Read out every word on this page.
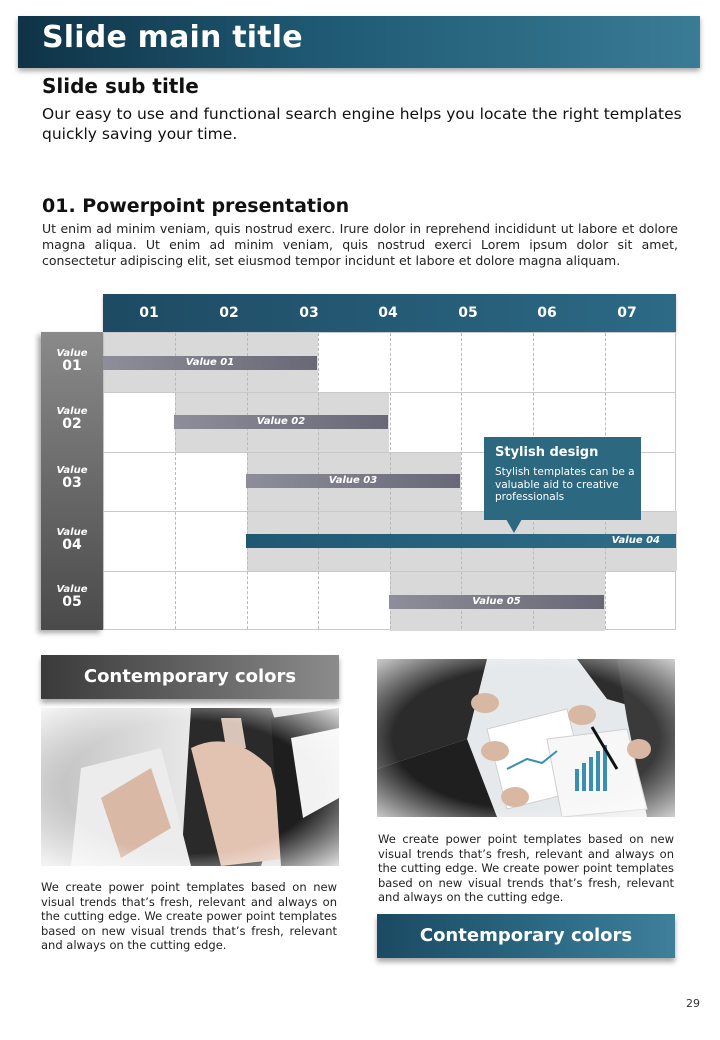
Slide main title
Slide sub title
Our easy to use and functional search engine helps you locate the right templates quickly saving your time.
01. Powerpoint presentation
Ut enim ad minim veniam, quis nostrud exerc. Irure dolor in reprehend incididunt ut labore et dolore magna aliqua. Ut enim ad minim veniam, quis nostrud exerci Lorem ipsum dolor sit amet, consectetur adipiscing elit, set eiusmod tempor incidunt et labore et dolore magna aliquam.
01	02	03	04	05	06	07
Value
01
Value
02
Value
03
Value
04
Value
05
Value 01
Value 02
Value 03
Value 04
Value 05
Stylish design
Stylish templates can be a valuable aid to creative professionals
Contemporary colors
We create power point templates based on new visual trends that’s fresh, relevant and always on the cutting edge. We create power point templates based on new visual trends that’s fresh, relevant and always on the cutting edge.
We create power point templates based on new visual trends that’s fresh, relevant and always on the cutting edge. We create power point templates based on new visual trends that’s fresh, relevant and always on the cutting edge.
Contemporary colors
29
